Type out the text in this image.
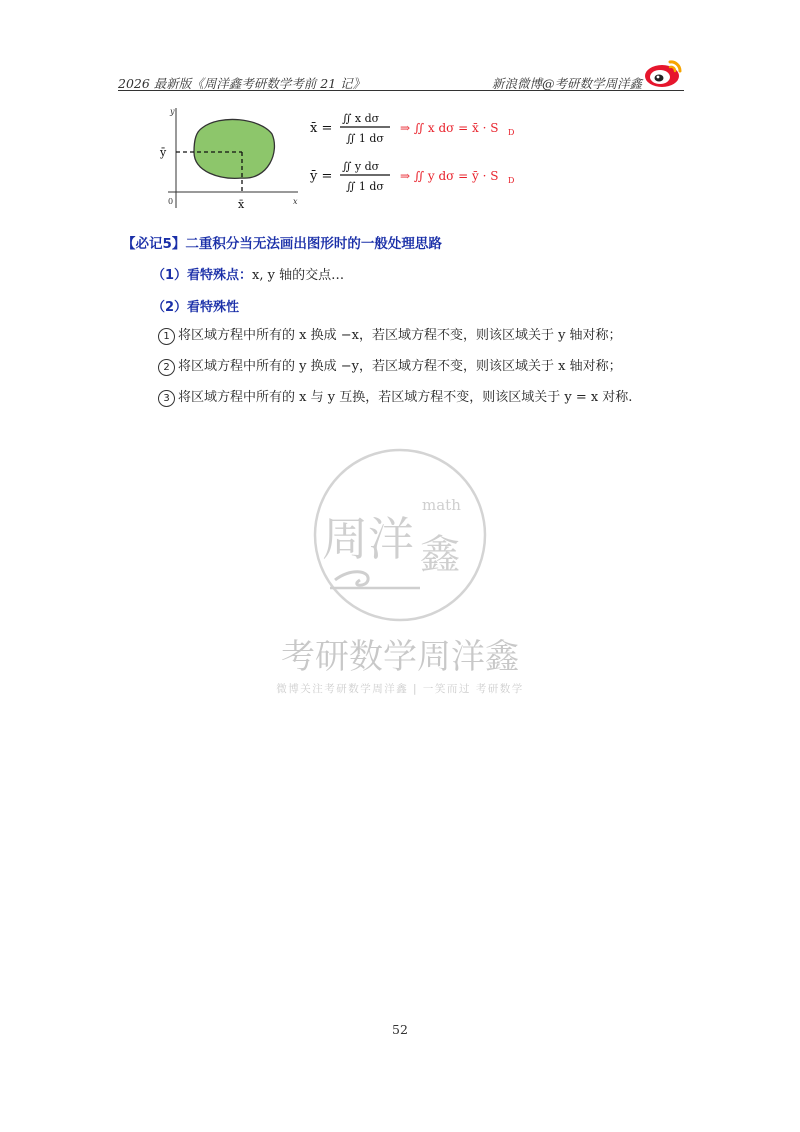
2026 最新版《周洋鑫考研数学考前 21 记》	新浪微博@考研数学周洋鑫
y
x
0
ȳ
x̄
x̄ =
∬ x dσ
∬ 1 dσ
⇒ ∬ x dσ = x̄ · S D
ȳ =
∬ y dσ
∬ 1 dσ
⇒ ∬ y dσ = ȳ · S D
【必记5】二重积分当无法画出图形时的一般处理思路
（1）看特殊点：x, y 轴的交点…
（2）看特殊性
1 将区域方程中所有的 x 换成 −x，若区域方程不变，则该区域关于 y 轴对称；
2 将区域方程中所有的 y 换成 −y，若区域方程不变，则该区域关于 x 轴对称；
3 将区域方程中所有的 x 与 y 互换，若区域方程不变，则该区域关于 y = x 对称.
周洋
math
鑫
考研数学周洋鑫
微博关注考研数学周洋鑫 | 一笑而过 考研数学
52
